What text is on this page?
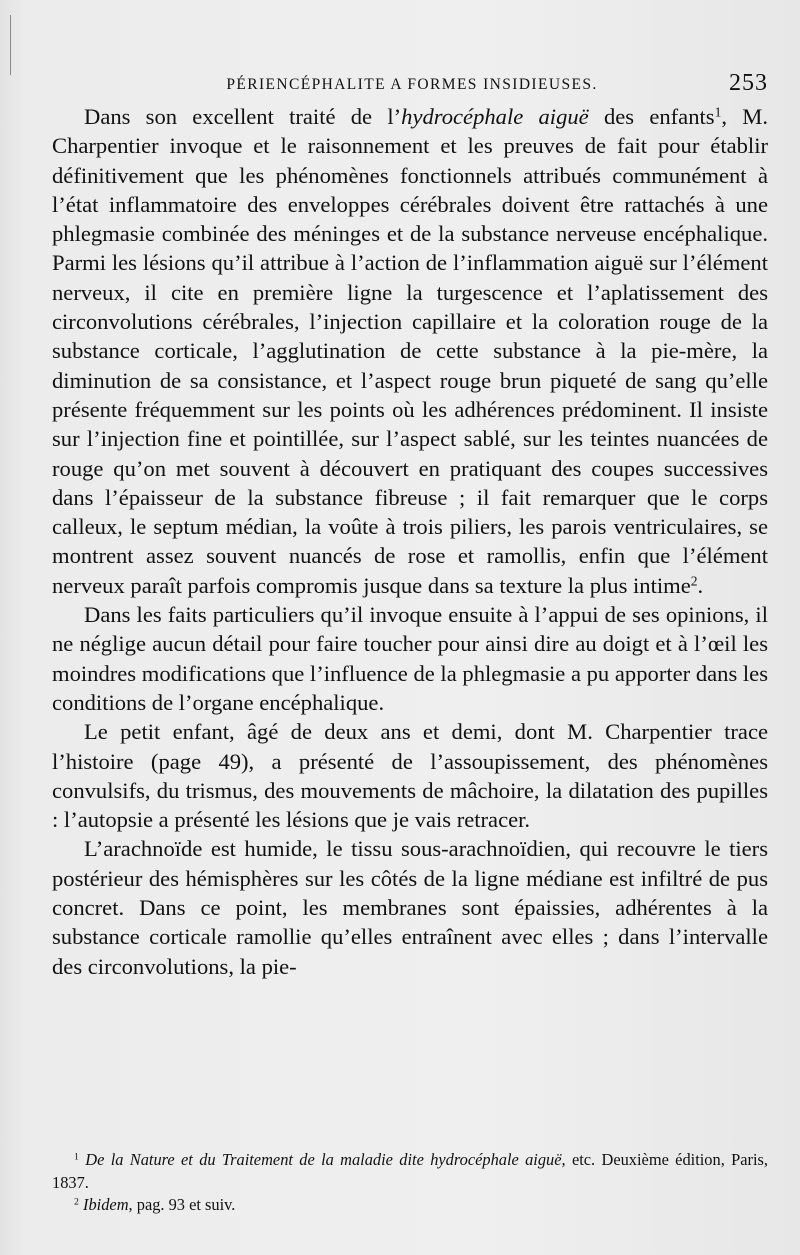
PÉRIENCÉPHALITE A FORMES INSIDIEUSES.	253

Dans son excellent traité de l’hydrocéphale aiguë des enfants$^1$, M. Charpentier invoque et le raisonnement et les preuves de fait pour établir définitivement que les phénomènes fonctionnels attribués communément à l’état inflammatoire des enveloppes cérébrales doivent être rattachés à une phlegmasie combinée des méninges et de la substance nerveuse encéphalique. Parmi les lésions qu’il attribue à l’action de l’inflammation aiguë sur l’élément nerveux, il cite en première ligne la turgescence et l’aplatissement des circonvolutions cérébrales, l’injection capillaire et la coloration rouge de la substance corticale, l’agglutination de cette substance à la pie-mère, la diminution de sa consistance, et l’aspect rouge brun piqueté de sang qu’elle présente fréquemment sur les points où les adhérences prédominent. Il insiste sur l’injection fine et pointillée, sur l’aspect sablé, sur les teintes nuancées de rouge qu’on met souvent à découvert en pratiquant des coupes successives dans l’épaisseur de la substance fibreuse ; il fait remarquer que le corps calleux, le septum médian, la voûte à trois piliers, les parois ventriculaires, se montrent assez souvent nuancés de rose et ramollis, enfin que l’élément nerveux paraît parfois compromis jusque dans sa texture la plus intime$^2$.

Dans les faits particuliers qu’il invoque ensuite à l’appui de ses opinions, il ne néglige aucun détail pour faire toucher pour ainsi dire au doigt et à l’œil les moindres modifications que l’influence de la phlegmasie a pu apporter dans les conditions de l’organe encéphalique.

Le petit enfant, âgé de deux ans et demi, dont M. Charpentier trace l’histoire (page 49), a présenté de l’assoupissement, des phénomènes convulsifs, du trismus, des mouvements de mâchoire, la dilatation des pupilles : l’autopsie a présenté les lésions que je vais retracer.

L’arachnoïde est humide, le tissu sous-arachnoïdien, qui recouvre le tiers postérieur des hémisphères sur les côtés de la ligne médiane est infiltré de pus concret. Dans ce point, les membranes sont épaissies, adhérentes à la substance corticale ramollie qu’elles entraînent avec elles ; dans l’intervalle des circonvolutions, la pie-

$^1$ De la Nature et du Traitement de la maladie dite hydrocéphale aiguë, etc. Deuxième édition, Paris, 1837.

$^2$ Ibidem, pag. 93 et suiv.
